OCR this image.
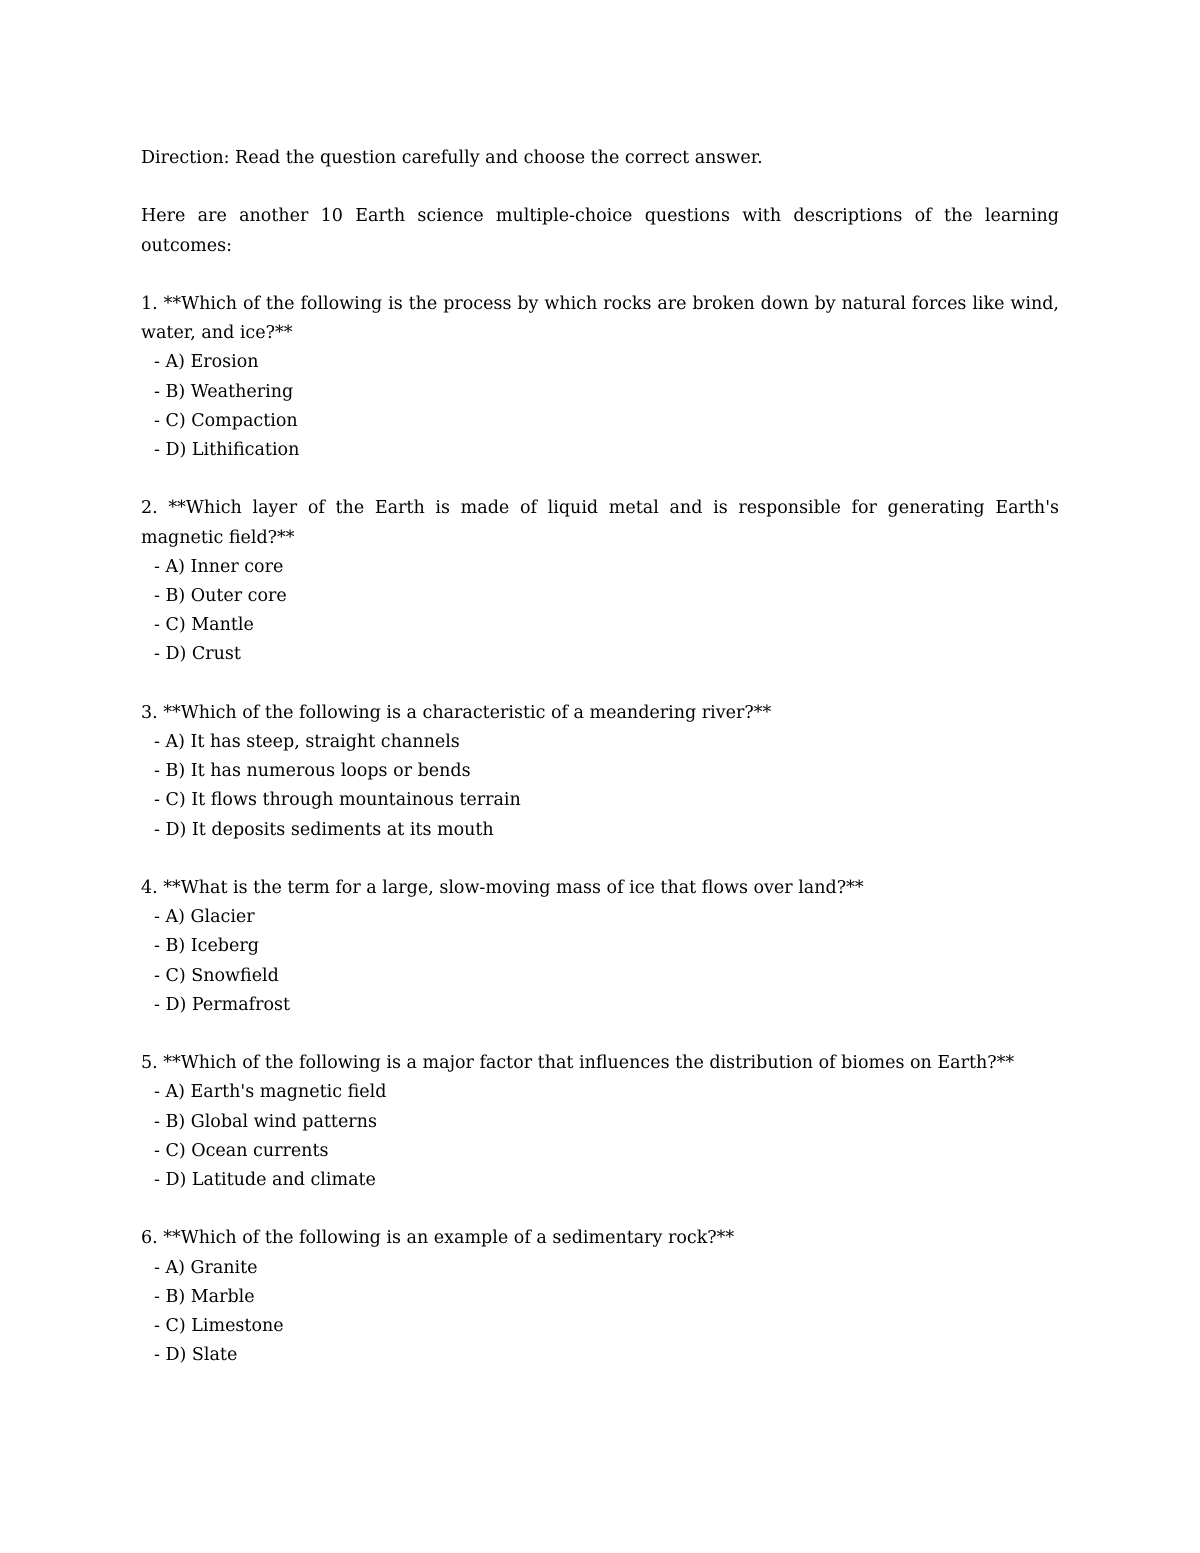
Direction: Read the question carefully and choose the correct answer.

Here are another 10 Earth science multiple-choice questions with descriptions of the learning outcomes:

1. **Which of the following is the process by which rocks are broken down by natural forces like wind, water, and ice?**

- A) Erosion
- B) Weathering
- C) Compaction
- D) Lithification

2. **Which layer of the Earth is made of liquid metal and is responsible for generating Earth's magnetic field?**

- A) Inner core
- B) Outer core
- C) Mantle
- D) Crust

3. **Which of the following is a characteristic of a meandering river?**

- A) It has steep, straight channels
- B) It has numerous loops or bends
- C) It flows through mountainous terrain
- D) It deposits sediments at its mouth

4. **What is the term for a large, slow-moving mass of ice that flows over land?**

- A) Glacier
- B) Iceberg
- C) Snowfield
- D) Permafrost

5. **Which of the following is a major factor that influences the distribution of biomes on Earth?**

- A) Earth's magnetic field
- B) Global wind patterns
- C) Ocean currents
- D) Latitude and climate

6. **Which of the following is an example of a sedimentary rock?**

- A) Granite
- B) Marble
- C) Limestone
- D) Slate
